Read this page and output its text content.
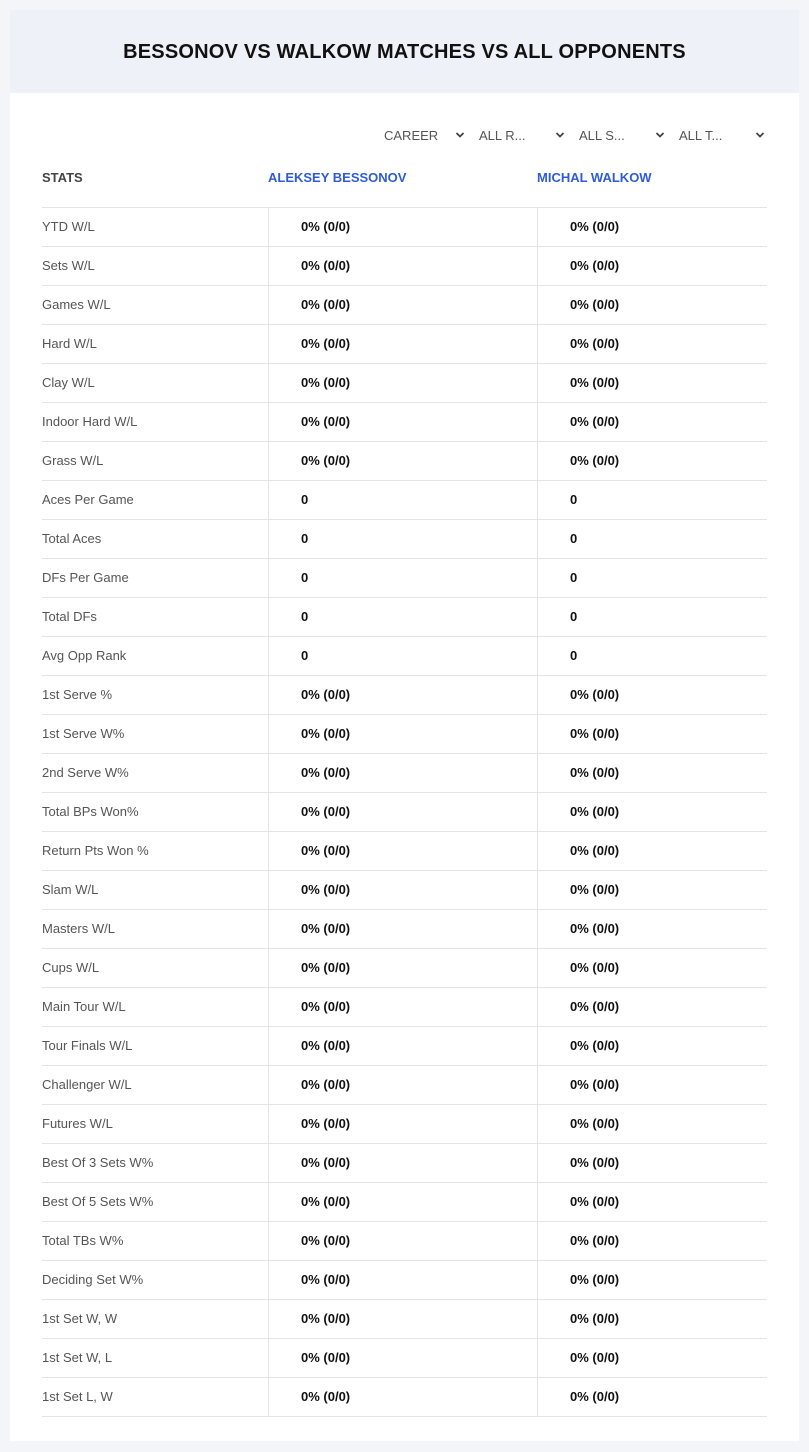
BESSONOV VS WALKOW MATCHES VS ALL OPPONENTS
CAREER	ALL R...	ALL S...	ALL T...
STATS	ALEKSEY BESSONOV	MICHAL WALKOW
YTD W/L	0% (0/0)	0% (0/0)
Sets W/L	0% (0/0)	0% (0/0)
Games W/L	0% (0/0)	0% (0/0)
Hard W/L	0% (0/0)	0% (0/0)
Clay W/L	0% (0/0)	0% (0/0)
Indoor Hard W/L	0% (0/0)	0% (0/0)
Grass W/L	0% (0/0)	0% (0/0)
Aces Per Game	0	0
Total Aces	0	0
DFs Per Game	0	0
Total DFs	0	0
Avg Opp Rank	0	0
1st Serve %	0% (0/0)	0% (0/0)
1st Serve W%	0% (0/0)	0% (0/0)
2nd Serve W%	0% (0/0)	0% (0/0)
Total BPs Won%	0% (0/0)	0% (0/0)
Return Pts Won %	0% (0/0)	0% (0/0)
Slam W/L	0% (0/0)	0% (0/0)
Masters W/L	0% (0/0)	0% (0/0)
Cups W/L	0% (0/0)	0% (0/0)
Main Tour W/L	0% (0/0)	0% (0/0)
Tour Finals W/L	0% (0/0)	0% (0/0)
Challenger W/L	0% (0/0)	0% (0/0)
Futures W/L	0% (0/0)	0% (0/0)
Best Of 3 Sets W%	0% (0/0)	0% (0/0)
Best Of 5 Sets W%	0% (0/0)	0% (0/0)
Total TBs W%	0% (0/0)	0% (0/0)
Deciding Set W%	0% (0/0)	0% (0/0)
1st Set W, W	0% (0/0)	0% (0/0)
1st Set W, L	0% (0/0)	0% (0/0)
1st Set L, W	0% (0/0)	0% (0/0)
